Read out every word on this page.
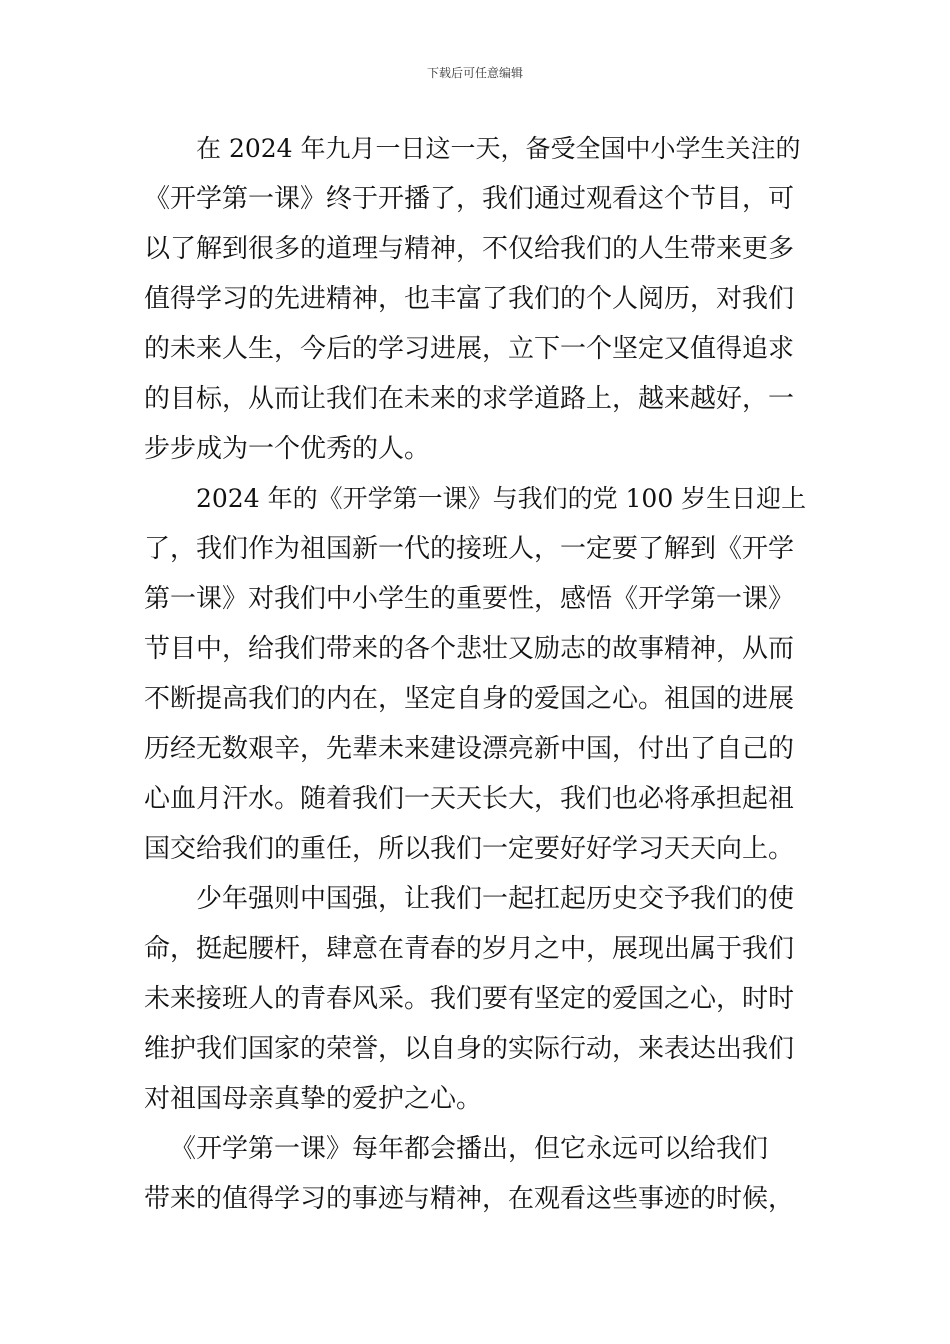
下载后可任意编辑
在 2024 年九月一日这一天，备受全国中小学生关注的
《开学第一课》终于开播了，我们通过观看这个节目，可
以了解到很多的道理与精神，不仅给我们的人生带来更多
值得学习的先进精神，也丰富了我们的个人阅历，对我们
的未来人生，今后的学习进展，立下一个坚定又值得追求
的目标，从而让我们在未来的求学道路上，越来越好，一
步步成为一个优秀的人。
2024 年的《开学第一课》与我们的党 100 岁生日迎上
了，我们作为祖国新一代的接班人，一定要了解到《开学
第一课》对我们中小学生的重要性，感悟《开学第一课》
节目中，给我们带来的各个悲壮又励志的故事精神，从而
不断提高我们的内在，坚定自身的爱国之心。祖国的进展
历经无数艰辛，先辈未来建设漂亮新中国，付出了自己的
心血月汗水。随着我们一天天长大，我们也必将承担起祖
国交给我们的重任，所以我们一定要好好学习天天向上。
少年强则中国强，让我们一起扛起历史交予我们的使
命，挺起腰杆，肆意在青春的岁月之中，展现出属于我们
未来接班人的青春风采。我们要有坚定的爱国之心，时时
维护我们国家的荣誉，以自身的实际行动，来表达出我们
对祖国母亲真挚的爱护之心。
《开学第一课》每年都会播出，但它永远可以给我们
带来的值得学习的事迹与精神，在观看这些事迹的时候，
